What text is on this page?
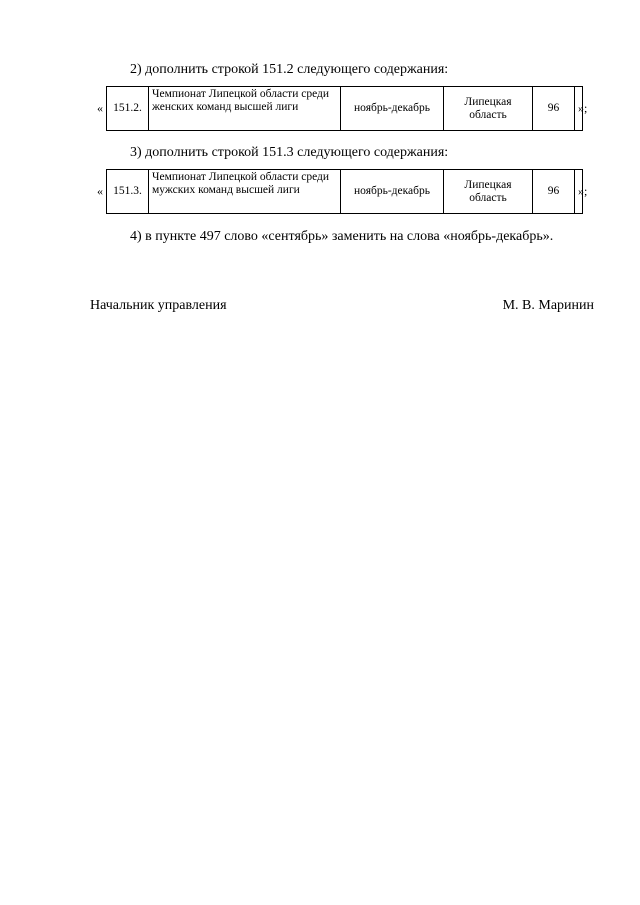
2) дополнить строкой 151.2 следующего содержания:
« 151.2.	Чемпионат Липецкой области среди женских команд высшей лиги	ноябрь-декабрь	Липецкая область	96	»;
3) дополнить строкой 151.3 следующего содержания:
« 151.3.	Чемпионат Липецкой области среди мужских команд высшей лиги	ноябрь-декабрь	Липецкая область	96	»;
4) в пункте 497 слово «сентябрь» заменить на слова «ноябрь-декабрь».
Начальник управления	М. В. Маринин
